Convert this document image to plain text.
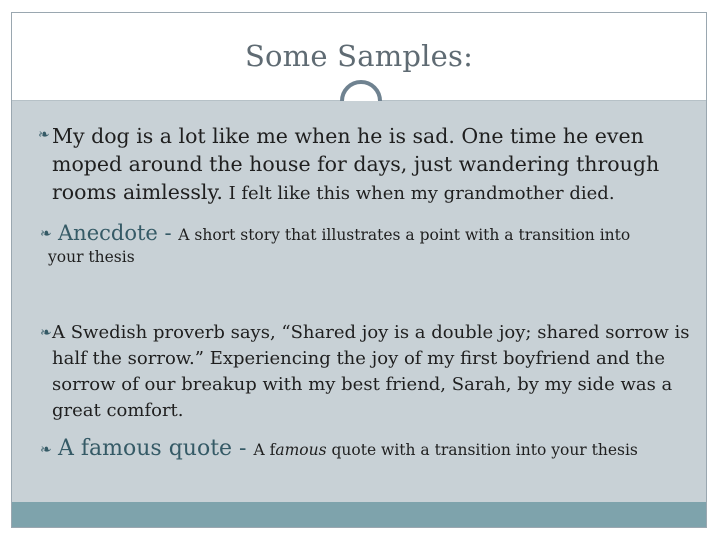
Some Samples:
❧ My dog is a lot like me when he is sad. One time he even moped around the house for days, just wandering through rooms aimlessly. I felt like this when my grandmother died.
❧ Anecdote - A short story that illustrates a point with a transition into
your thesis
❧ A Swedish proverb says, “Shared joy is a double joy; shared sorrow is half the sorrow.” Experiencing the joy of my first boyfriend and the sorrow of our breakup with my best friend, Sarah, by my side was a great comfort.
❧ A famous quote - A famous quote with a transition into your thesis
